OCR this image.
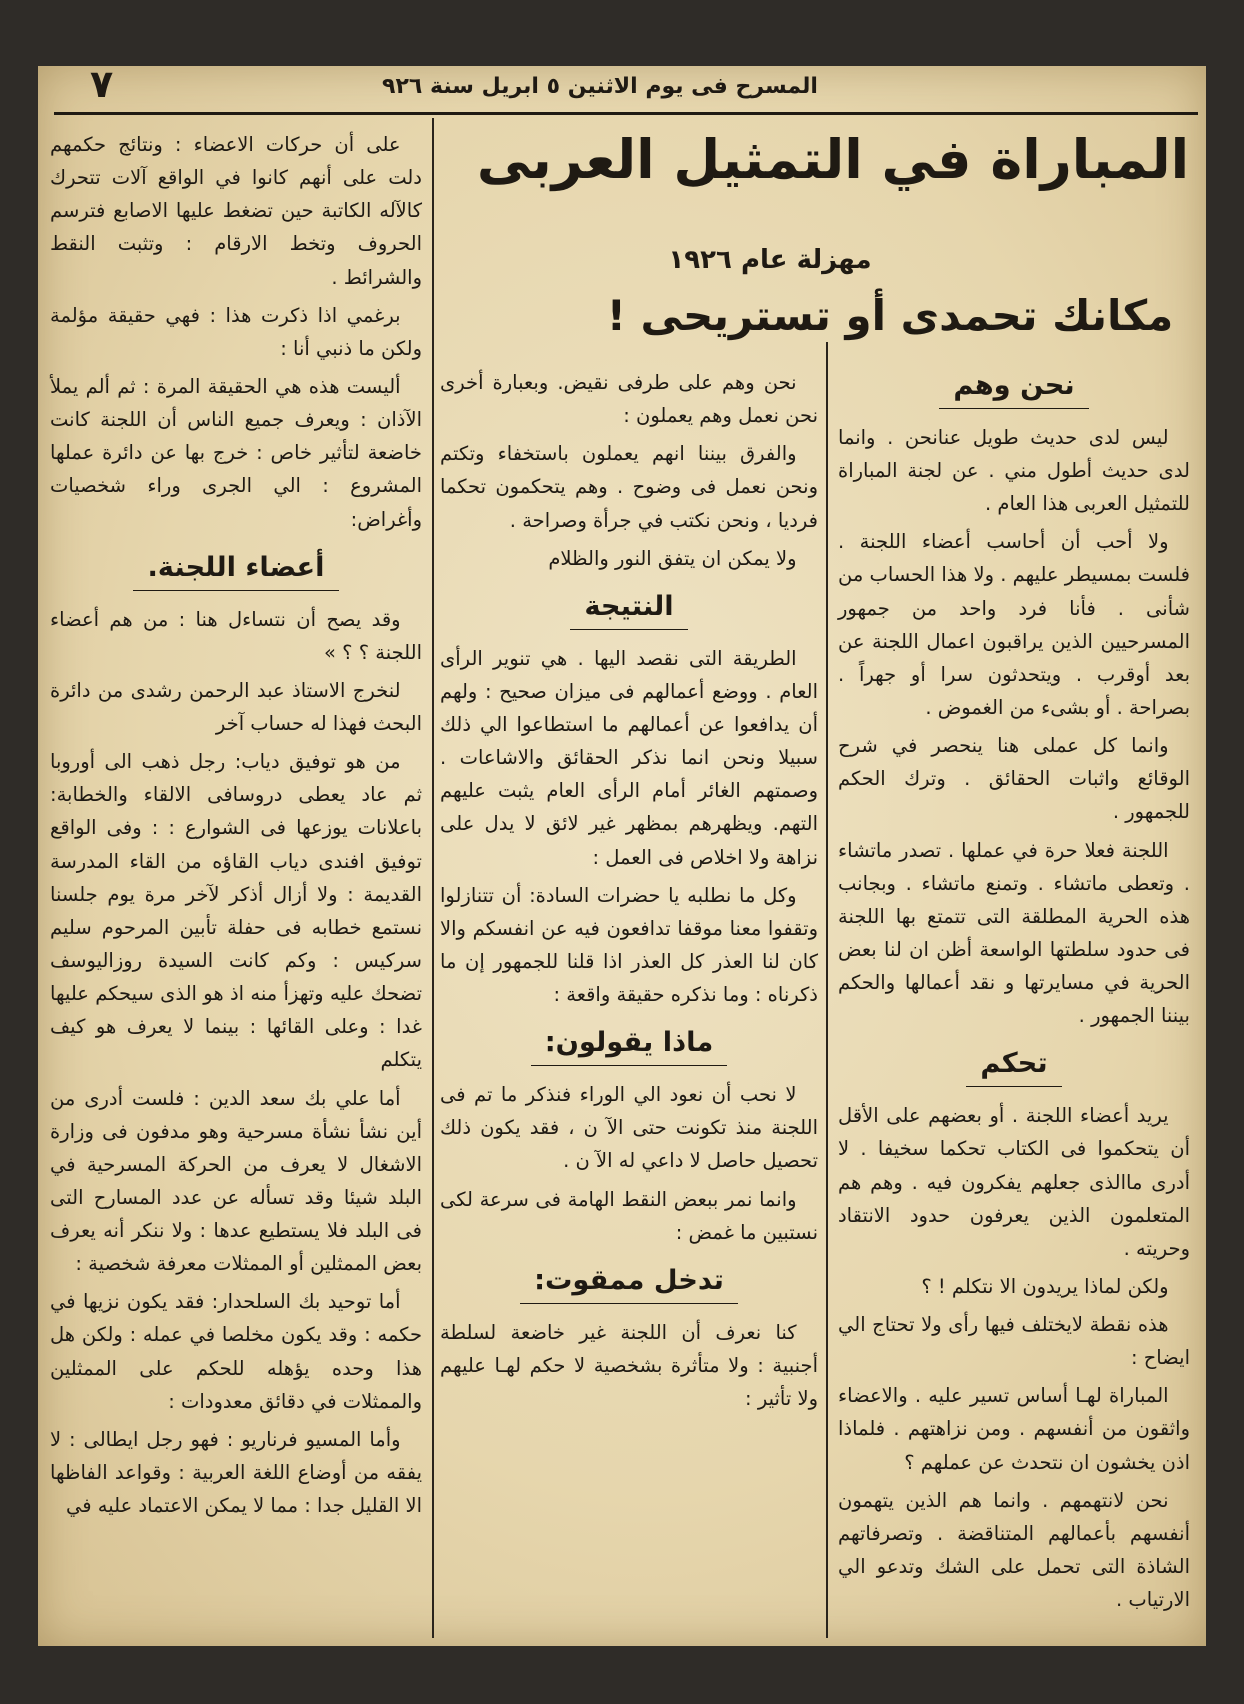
المسرح فى يوم الاثنين ٥ ابريل سنة ٩٢٦
٧
المباراة في التمثيل العربى
مهزلة عام ١٩٢٦
مكانك تحمدى أو تستريحى !
نحن وهم

ليس لدى حديث طويل عنانحن . وانما لدى حديث أطول مني . عن لجنة المباراة للتمثيل العربى هذا العام .

ولا أحب أن أحاسب أعضاء اللجنة . فلست بمسيطر عليهم . ولا هذا الحساب من شأنى . فأنا فرد واحد من جمهور المسرحيين الذين يراقبون اعمال اللجنة عن بعد أوقرب . ويتحدثون سرا أو جهراً . بصراحة . أو بشىء من الغموض .

وانما كل عملى هنا ينحصر في شرح الوقائع واثبات الحقائق . وترك الحكم للجمهور .

اللجنة فعلا حرة في عملها . تصدر ماتشاء . وتعطى ماتشاء . وتمنع ماتشاء . وبجانب هذه الحرية المطلقة التى تتمتع بها اللجنة فى حدود سلطتها الواسعة أظن ان لنا بعض الحرية في مسايرتها و نقد أعمالها والحكم بيننا الجمهور .

تحكم

يريد أعضاء اللجنة . أو بعضهم على الأقل أن يتحكموا فى الكتاب تحكما سخيفا . لا أدرى ماالذى جعلهم يفكرون فيه . وهم هم المتعلمون الذين يعرفون حدود الانتقاد وحريته .

ولكن لماذا يريدون الا نتكلم ! ؟

هذه نقطة لايختلف فيها رأى ولا تحتاج الي ايضاح :

المباراة لهـا أساس تسير عليه . والاعضاء واثقون من أنفسهم . ومن نزاهتهم . فلماذا اذن يخشون ان نتحدث عن عملهم ؟

نحن لانتهمهم . وانما هم الذين يتهمون أنفسهم بأعمالهم المتناقضة . وتصرفاتهم الشاذة التى تحمل على الشك وتدعو الي الارتياب .

نحن وهم على طرفى نقيض. وبعبارة أخرى نحن نعمل وهم يعملون :

والفرق بيننا انهم يعملون باستخفاء وتكتم ونحن نعمل فى وضوح . وهم يتحكمون تحكما فرديا ، ونحن نكتب في جرأة وصراحة .

ولا يمكن ان يتفق النور والظلام

النتيجة

الطريقة التى نقصد اليها . هي تنوير الرأى العام . ووضع أعمالهم فى ميزان صحيح : ولهم أن يدافعوا عن أعمالهم ما استطاعوا الي ذلك سبيلا ونحن انما نذكر الحقائق والاشاعات . وصمتهم الغائر أمام الرأى العام يثبت عليهم التهم. ويظهرهم بمظهر غير لائق لا يدل على نزاهة ولا اخلاص فى العمل :

وكل ما نطلبه يا حضرات السادة: أن تتنازلوا وتقفوا معنا موقفا تدافعون فيه عن انفسكم والا كان لنا العذر كل العذر اذا قلنا للجمهور إن ما ذكرناه : وما نذكره حقيقة واقعة :

ماذا يقولون:

لا نحب أن نعود الي الوراء فنذكر ما تم فى اللجنة منذ تكونت حتى الآ ن ، فقد يكون ذلك تحصيل حاصل لا داعي له الآ ن .

وانما نمر ببعض النقط الهامة فى سرعة لكى نستبين ما غمض :

تدخل ممقوت:

كنا نعرف أن اللجنة غير خاضعة لسلطة أجنبية : ولا متأثرة بشخصية لا حكم لهـا عليهم ولا تأثير :

على أن حركات الاعضاء : ونتائج حكمهم دلت على أنهم كانوا في الواقع آلات تتحرك كالآله الكاتبة حين تضغط عليها الاصابع فترسم الحروف وتخط الارقام : وتثبت النقط والشرائط .

برغمي اذا ذكرت هذا : فهي حقيقة مؤلمة ولكن ما ذنبي أنا :

أليست هذه هي الحقيقة المرة : ثم ألم يملأ الآذان : ويعرف جميع الناس أن اللجنة كانت خاضعة لتأثير خاص : خرج بها عن دائرة عملها المشروع : الي الجرى وراء شخصيات وأغراض:

أعضاء اللجنة.

وقد يصح أن نتساءل هنا : من هم أعضاء اللجنة ؟ ؟ »

لنخرج الاستاذ عبد الرحمن رشدى من دائرة البحث فهذا له حساب آخر

من هو توفيق دياب: رجل ذهب الى أوروبا ثم عاد يعطى دروسافى الالقاء والخطابة: باعلانات يوزعها فى الشوارع : : وفى الواقع توفيق افندى دياب القاؤه من القاء المدرسة القديمة : ولا أزال أذكر لآخر مرة يوم جلسنا نستمع خطابه فى حفلة تأبين المرحوم سليم سركيس : وكم كانت السيدة روزاليوسف تضحك عليه وتهزأ منه اذ هو الذى سيحكم عليها غدا : وعلى القائها : بينما لا يعرف هو كيف يتكلم

أما علي بك سعد الدين : فلست أدرى من أين نشأ نشأة مسرحية وهو مدفون فى وزارة الاشغال لا يعرف من الحركة المسرحية في البلد شيئا وقد تسأله عن عدد المسارح التى فى البلد فلا يستطيع عدها : ولا ننكر أنه يعرف بعض الممثلين أو الممثلات معرفة شخصية :

أما توحيد بك السلحدار: فقد يكون نزيها في حكمه : وقد يكون مخلصا في عمله : ولكن هل هذا وحده يؤهله للحكم على الممثلين والممثلات في دقائق معدودات :

وأما المسيو فرناريو : فهو رجل ايطالى : لا يفقه من أوضاع اللغة العربية : وقواعد الفاظها الا القليل جدا : مما لا يمكن الاعتماد عليه في
